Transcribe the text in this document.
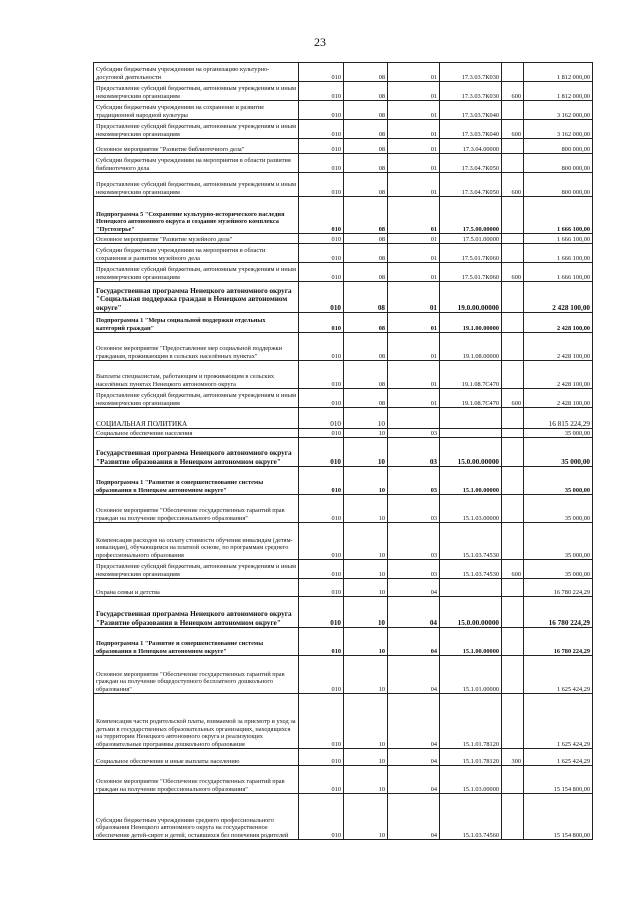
23
Субсидии бюджетным учреждениям на организацию культурно-досуговой деятельности	010	08	01	17.3.03.7К030		1 812 000,00
Предоставление субсидий бюджетным, автономным учреждениям и иным некоммерческим организациям	010	08	01	17.3.03.7К030	600	1 812 000,00
Субсидии бюджетным учреждениям на сохранение и развитие традиционной народной культуры	010	08	01	17.3.03.7К040		3 162 000,00
Предоставление субсидий бюджетным, автономным учреждениям и иным некоммерческим организациям	010	08	01	17.3.03.7К040	600	3 162 000,00
Основное мероприятие "Развитие библиотечного дела"	010	08	01	17.3.04.00000		800 000,00
Субсидии бюджетным учреждениям на мероприятия в области развития библиотечного дела	010	08	01	17.3.04.7К050		800 000,00
Предоставление субсидий бюджетным, автономным учреждениям и иным некоммерческим организациям	010	08	01	17.3.04.7К050	600	800 000,00
Подпрограмма 5 "Сохранение культурно-исторического наследия Ненецкого автономного округа и создание музейного комплекса "Пустозерье"	010	08	01	17.5.00.00000		1 666 100,00
Основное мероприятие "Развитие музейного дела"	010	08	01	17.5.01.00000		1 666 100,00
Субсидии бюджетным учреждениям на мероприятия в области сохранения и развития музейного дела	010	08	01	17.5.01.7К060		1 666 100,00
Предоставление субсидий бюджетным, автономным учреждениям и иным некоммерческим организациям	010	08	01	17.5.01.7К060	600	1 666 100,00
Государственная программа Ненецкого автономного округа "Социальная поддержка граждан в Ненецком автономном округе"	010	08	01	19.0.00.00000		2 428 100,00
Подпрограмма 1 "Меры социальной поддержки отдельных категорий граждан"	010	08	01	19.1.00.00000		2 428 100,00
Основное мероприятие "Предоставление мер социальной поддержки гражданам, проживающим в сельских населённых пунктах"	010	08	01	19.1.08.00000		2 428 100,00
Выплаты специалистам, работающим и проживающим в сельских населённых пунктах Ненецкого автономного округа	010	08	01	19.1.08.7С470		2 428 100,00
Предоставление субсидий бюджетным, автономным учреждениям и иным некоммерческим организациям	010	08	01	19.1.08.7С470	600	2 428 100,00
СОЦИАЛЬНАЯ ПОЛИТИКА	010	10				16 815 224,29
Социальное обеспечение населения	010	10	03			35 000,00
Государственная программа Ненецкого автономного округа "Развитие образования в Ненецком автономном округе"	010	10	03	15.0.00.00000		35 000,00
Подпрограмма 1 "Развитие и совершенствование системы образования в Ненецком автономном округе"	010	10	03	15.1.00.00000		35 000,00
Основное мероприятие "Обеспечение государственных гарантий прав граждан на получение профессионального образования"	010	10	03	15.1.03.00000		35 000,00
Компенсация расходов на оплату стоимости обучения инвалидам (детям-инвалидам), обучающимся на платной основе, по программам среднего профессионального образования	010	10	03	15.1.03.74530		35 000,00
Предоставление субсидий бюджетным, автономным учреждениям и иным некоммерческим организациям	010	10	03	15.1.03.74530	600	35 000,00
Охрана семьи и детства	010	10	04			16 780 224,29
Государственная программа Ненецкого автономного округа "Развитие образования в Ненецком автономном округе"	010	10	04	15.0.00.00000		16 780 224,29
Подпрограмма 1 "Развитие и совершенствование системы образования в Ненецком автономном округе"	010	10	04	15.1.00.00000		16 780 224,29
Основное мероприятие "Обеспечение государственных гарантий прав граждан на получение общедоступного бесплатного дошкольного образования"	010	10	04	15.1.01.00000		1 625 424,29
Компенсация части родительской платы, взимаемой за присмотр и уход за детьми в государственных образовательных организациях, находящихся на территории Ненецкого автономного округа и реализующих образовательные программы дошкольного образования	010	10	04	15.1.01.78120		1 625 424,29
Социальное обеспечение и иные выплаты населению	010	10	04	15.1.01.78120	300	1 625 424,29
Основное мероприятие "Обеспечение государственных гарантий прав граждан на получение профессионального образования"	010	10	04	15.1.03.00000		15 154 800,00
Субсидии бюджетным учреждениям среднего профессионального образования Ненецкого автономного округа на государственное обеспечение детей-сирот и детей, оставшихся без попечения родителей	010	10	04	15.1.03.74560		15 154 800,00
